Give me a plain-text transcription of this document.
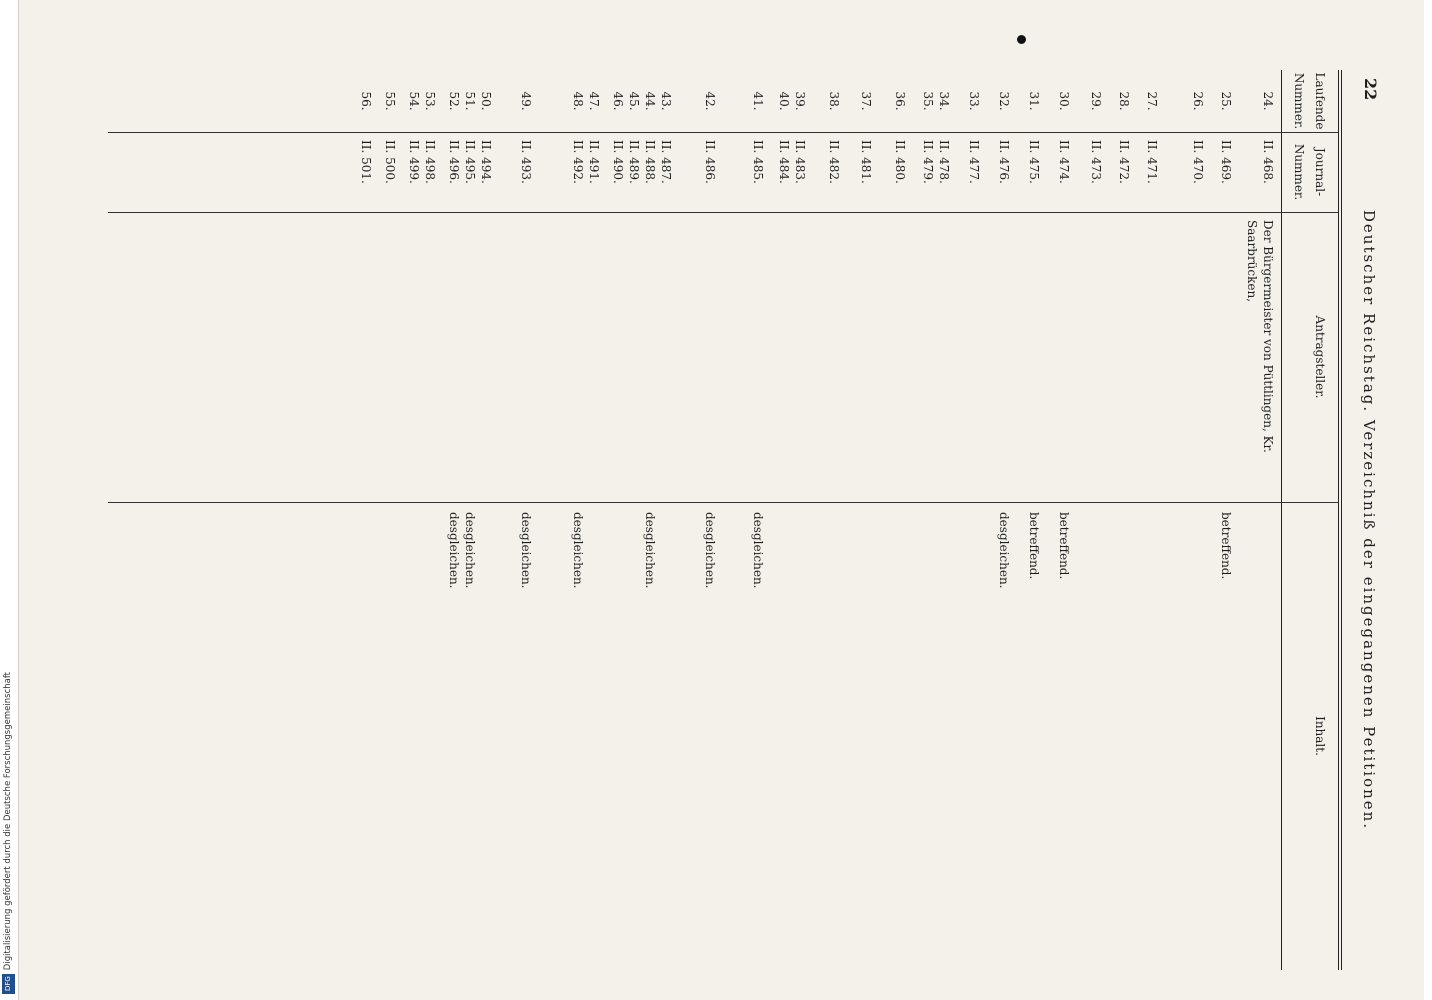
Digitalisierung gefördert durch die Deutsche Forschungsgemeinschaft
DFG
22
Deutscher Reichstag. Verzeichniß der eingegangenen Petitionen.
Laufende Nummer.
Journal-Nummer.
Antragsteller.
Inhalt.
24.
II. 468.
Der Bürgermeister von Püttlingen, Kr. Saarbrücken,
25.
II. 469.
betreffend.
26.
II. 470.
27.
II. 471.
28.
II. 472.
29.
II. 473.
30.
II. 474.
betreffend.
31.
II. 475.
betreffend.
32.
II. 476.
desgleichen.
33.
II. 477.
34.
II. 478.
35.
II. 479.
36.
II. 480.
37.
II. 481.
38.
II. 482.
39.
II. 483.
40.
II. 484.
41.
II. 485.
desgleichen.
42.
II. 486.
desgleichen.
43.
II. 487.
44.
II. 488.
desgleichen.
45.
II. 489.
46.
II. 490.
47.
II. 491.
48.
II. 492.
desgleichen.
49.
II. 493.
desgleichen.
50.
II. 494.
51.
II. 495.
desgleichen.
52.
II. 496.
desgleichen.
53.
II. 498.
54.
II. 499.
55.
II. 500.
56.
II. 501.
